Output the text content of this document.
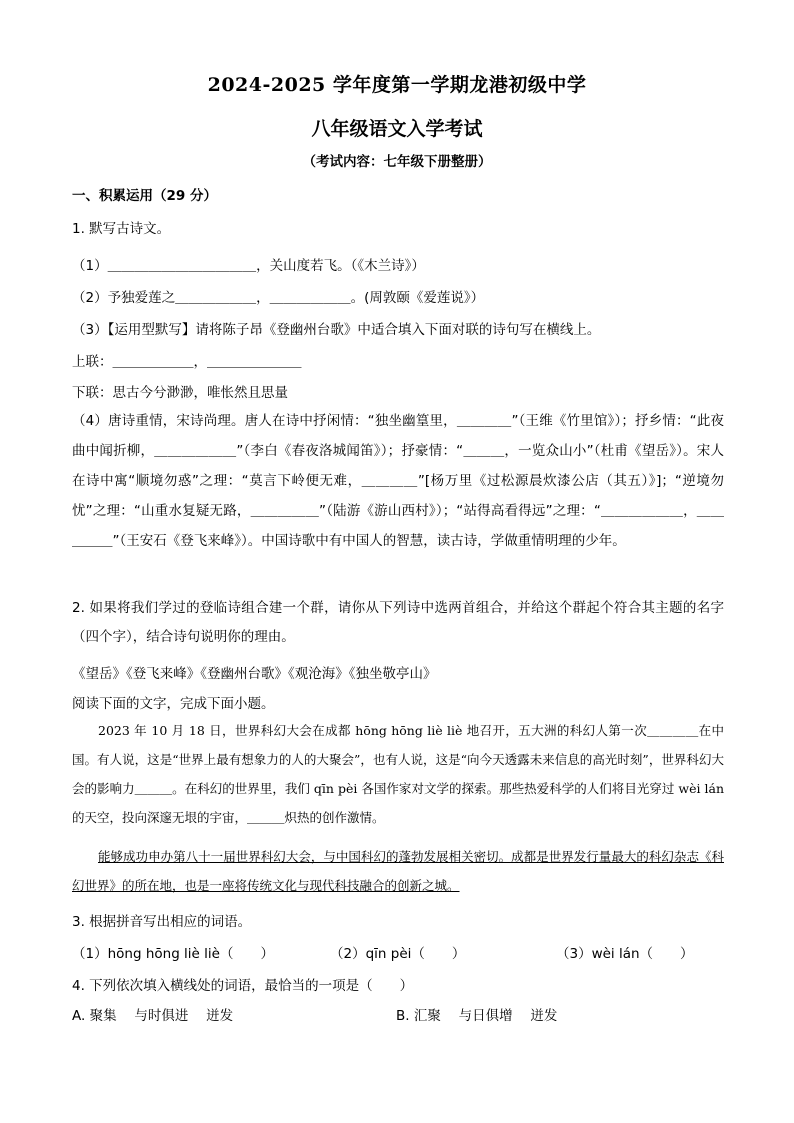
2024-2025 学年度第一学期龙港初级中学
八年级语文入学考试
（考试内容：七年级下册整册）
一、积累运用（29 分）
1. 默写古诗文。
（1）＿＿＿＿＿＿＿＿＿＿＿，关山度若飞。（《木兰诗》）
（2）予独爱莲之＿＿＿＿＿＿，＿＿＿＿＿＿。(周敦颐《爱莲说》）
（3）【运用型默写】请将陈子昂《登幽州台歌》中适合填入下面对联的诗句写在横线上。
上联：＿＿＿＿＿＿，＿＿＿＿＿＿＿
下联：思古今兮渺渺，唯怅然且思量
（4）唐诗重情，宋诗尚理。唐人在诗中抒闲情：“独坐幽篁里，＿＿＿＿”（王维《竹里馆》）；抒乡情：“此夜曲中闻折柳，＿＿＿＿＿＿”（李白《春夜洛城闻笛》）；抒豪情：“＿＿＿，一览众山小”（杜甫《望岳》）。宋人在诗中寓“顺境勿惑”之理：“莫言下岭便无难，＿＿＿＿”[杨万里《过松源晨炊漆公店（其五）》]；“逆境勿忧”之理：“山重水复疑无路，＿＿＿＿＿”（陆游《游山西村》）；“站得高看得远”之理：“＿＿＿＿＿＿，＿＿＿＿＿”（王安石《登飞来峰》）。中国诗歌中有中国人的智慧，读古诗，学做重情明理的少年。
2. 如果将我们学过的登临诗组合建一个群，请你从下列诗中选两首组合，并给这个群起个符合其主题的名字（四个字），结合诗句说明你的理由。
《望岳》《登飞来峰》《登幽州台歌》《观沧海》《独坐敬亭山》
阅读下面的文字，完成下面小题。
2023 年 10 月 18 日，世界科幻大会在成都 hōng hōng liè liè 地召开，五大洲的科幻人第一次＿＿＿＿在中国。有人说，这是“世界上最有想象力的人的大聚会”，也有人说，这是“向今天透露未来信息的高光时刻”，世界科幻大会的影响力＿＿＿。在科幻的世界里，我们 qīn pèi 各国作家对文学的探索。那些热爱科学的人们将目光穿过 wèi lán 的天空，投向深邃无垠的宇宙，＿＿＿炽热的创作激情。
能够成功申办第八十一届世界科幻大会，与中国科幻的蓬勃发展相关密切。成都是世界发行量最大的科幻杂志《科幻世界》的所在地，也是一座将传统文化与现代科技融合的创新之城。
3. 根据拼音写出相应的词语。
（1）hōng hōng liè liè（　　）	（2）qīn pèi（　　）	（3）wèi lán（　　）
4. 下列依次填入横线处的词语，最恰当的一项是（　　）
A. 聚集　 与时俱进　 迸发	B. 汇聚　 与日俱增　 迸发
